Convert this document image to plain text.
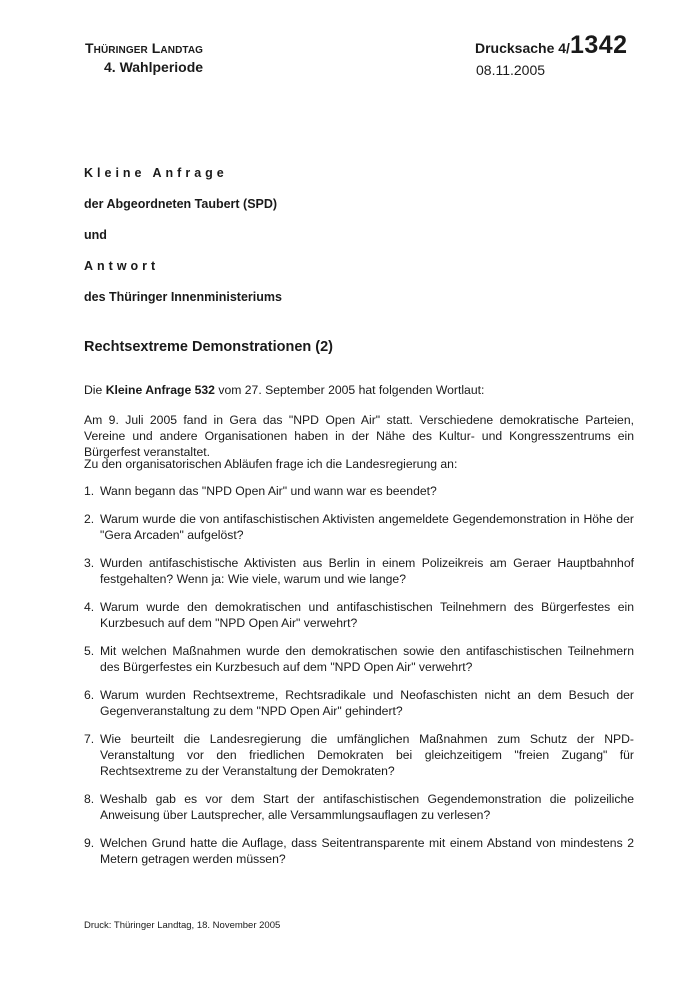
Thüringer Landtag
4. Wahlperiode
Drucksache 4/1342
08.11.2005
Kleine Anfrage
der Abgeordneten Taubert (SPD)
und
Antwort
des Thüringer Innenministeriums
Rechtsextreme Demonstrationen (2)
Die Kleine Anfrage 532 vom 27. September 2005 hat folgenden Wortlaut:
Am 9. Juli 2005 fand in Gera das "NPD Open Air" statt. Verschiedene demokratische Parteien, Vereine und andere Organisationen haben in der Nähe des Kultur- und Kongresszentrums ein Bürgerfest veranstaltet.
Zu den organisatorischen Abläufen frage ich die Landesregierung an:
1. Wann begann das "NPD Open Air" und wann war es beendet?
2. Warum wurde die von antifaschistischen Aktivisten angemeldete Gegendemonstration in Höhe der "Gera Arcaden" aufgelöst?
3. Wurden antifaschistische Aktivisten aus Berlin in einem Polizeikreis am Geraer Hauptbahnhof festgehalten? Wenn ja: Wie viele, warum und wie lange?
4. Warum wurde den demokratischen und antifaschistischen Teilnehmern des Bürgerfestes ein Kurzbesuch auf dem "NPD Open Air" verwehrt?
5. Mit welchen Maßnahmen wurde den demokratischen sowie den antifaschistischen Teilnehmern des Bürgerfestes ein Kurzbesuch auf dem "NPD Open Air" verwehrt?
6. Warum wurden Rechtsextreme, Rechtsradikale und Neofaschisten nicht an dem Besuch der Gegenveranstaltung zu dem "NPD Open Air" gehindert?
7. Wie beurteilt die Landesregierung die umfänglichen Maßnahmen zum Schutz der NPD-Veranstaltung vor den friedlichen Demokraten bei gleichzeitigem "freien Zugang" für Rechtsextreme zu der Veranstaltung der Demokraten?
8. Weshalb gab es vor dem Start der antifaschistischen Gegendemonstration die polizeiliche Anweisung über Lautsprecher, alle Versammlungsauflagen zu verlesen?
9. Welchen Grund hatte die Auflage, dass Seitentransparente mit einem Abstand von mindestens 2 Metern getragen werden müssen?
Druck: Thüringer Landtag, 18. November 2005
